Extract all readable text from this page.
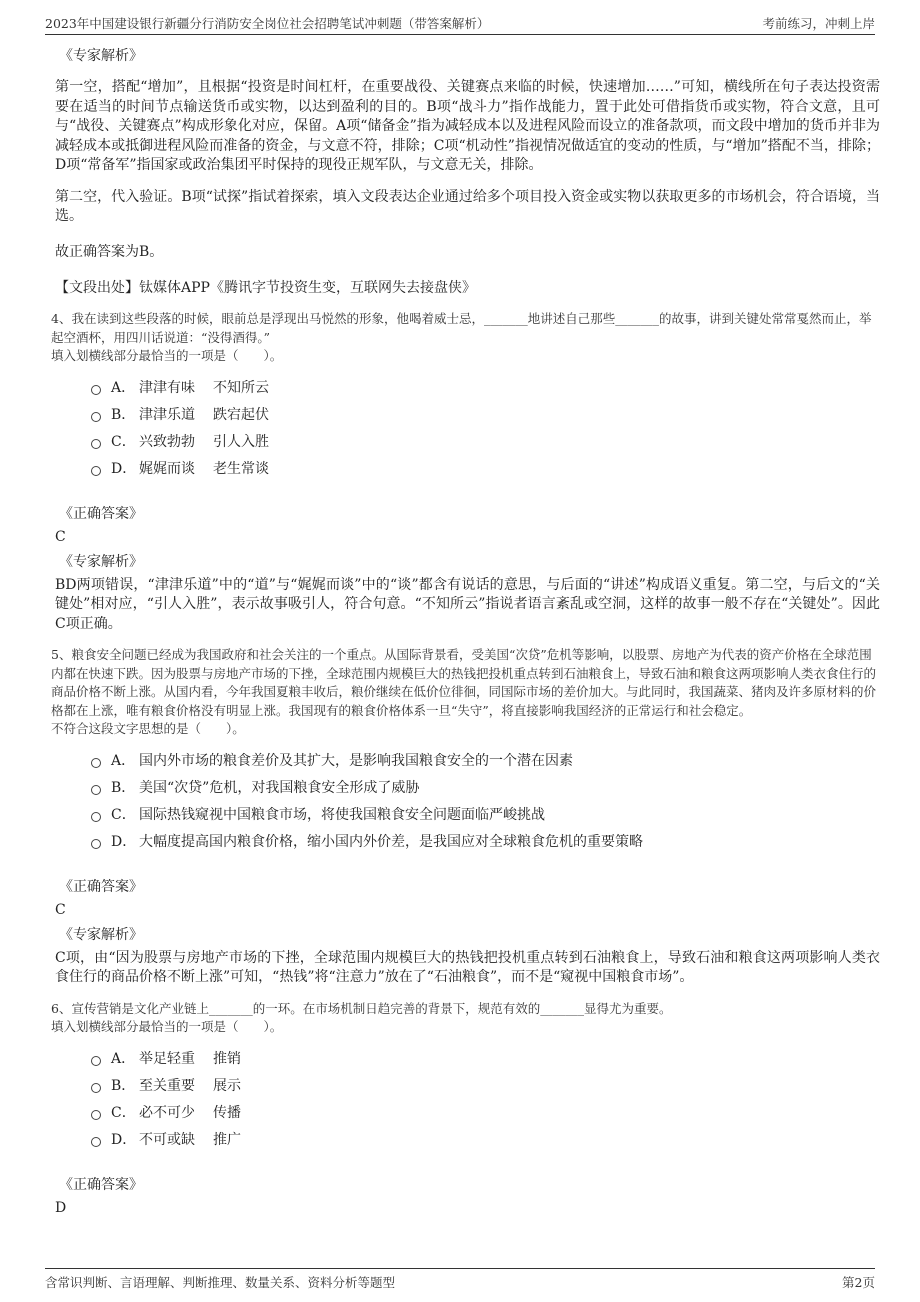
2023年中国建设银行新疆分行消防安全岗位社会招聘笔试冲刺题（带答案解析）	考前练习，冲刺上岸
《专家解析》

第一空，搭配“增加”，且根据“投资是时间杠杆，在重要战役、关键赛点来临的时候，快速增加……”可知，横线所在句子表达投资需要在适当的时间节点输送货币或实物，以达到盈利的目的。B项“战斗力”指作战能力，置于此处可借指货币或实物，符合文意，且可与“战役、关键赛点”构成形象化对应，保留。A项“储备金”指为减轻成本以及进程风险而设立的准备款项，而文段中增加的货币并非为减轻成本或抵御进程风险而准备的资金，与文意不符，排除；C项“机动性”指视情况做适宜的变动的性质，与“增加”搭配不当，排除；D项“常备军”指国家或政治集团平时保持的现役正规军队，与文意无关，排除。

第二空，代入验证。B项“试探”指试着探索，填入文段表达企业通过给多个项目投入资金或实物以获取更多的市场机会，符合语境，当选。

故正确答案为B。

【文段出处】钛媒体APP《腾讯字节投资生变，互联网失去接盘侠》

4、我在读到这些段落的时候，眼前总是浮现出马悦然的形象，他喝着威士忌，_______地讲述自己那些_______的故事，讲到关键处常常戛然而止，举起空酒杯，用四川话说道：“没得酒得。”

填入划横线部分最恰当的一项是（　　）。

A． 津津有味 不知所云
B． 津津乐道 跌宕起伏
C． 兴致勃勃 引人入胜
D． 娓娓而谈 老生常谈
《正确答案》

C

《专家解析》

BD两项错误，“津津乐道”中的“道”与“娓娓而谈”中的“谈”都含有说话的意思，与后面的“讲述”构成语义重复。第二空，与后文的“关键处”相对应，“引人入胜”，表示故事吸引人，符合句意。“不知所云”指说者语言紊乱或空洞，这样的故事一般不存在“关键处”。因此C项正确。

5、粮食安全问题已经成为我国政府和社会关注的一个重点。从国际背景看，受美国“次贷”危机等影响，以股票、房地产为代表的资产价格在全球范围内都在快速下跌。因为股票与房地产市场的下挫，全球范围内规模巨大的热钱把投机重点转到石油粮食上，导致石油和粮食这两项影响人类衣食住行的商品价格不断上涨。从国内看，今年我国夏粮丰收后，粮价继续在低价位徘徊，同国际市场的差价加大。与此同时，我国蔬菜、猪肉及许多原材料的价格都在上涨，唯有粮食价格没有明显上涨。我国现有的粮食价格体系一旦“失守”，将直接影响我国经济的正常运行和社会稳定。

不符合这段文字思想的是（　　）。

A． 国内外市场的粮食差价及其扩大，是影响我国粮食安全的一个潜在因素
B． 美国“次贷”危机，对我国粮食安全形成了威胁
C． 国际热钱窥视中国粮食市场，将使我国粮食安全问题面临严峻挑战
D． 大幅度提高国内粮食价格，缩小国内外价差，是我国应对全球粮食危机的重要策略
《正确答案》

C

《专家解析》

C项，由“因为股票与房地产市场的下挫，全球范围内规模巨大的热钱把投机重点转到石油粮食上，导致石油和粮食这两项影响人类衣食住行的商品价格不断上涨”可知，“热钱”将“注意力”放在了“石油粮食”，而不是“窥视中国粮食市场”。

6、宣传营销是文化产业链上_______的一环。在市场机制日趋完善的背景下，规范有效的_______显得尤为重要。

填入划横线部分最恰当的一项是（　　）。

A． 举足轻重 推销
B． 至关重要 展示
C． 必不可少 传播
D． 不可或缺 推广
《正确答案》

D

含常识判断、言语理解、判断推理、数量关系、资料分析等题型	第2页
